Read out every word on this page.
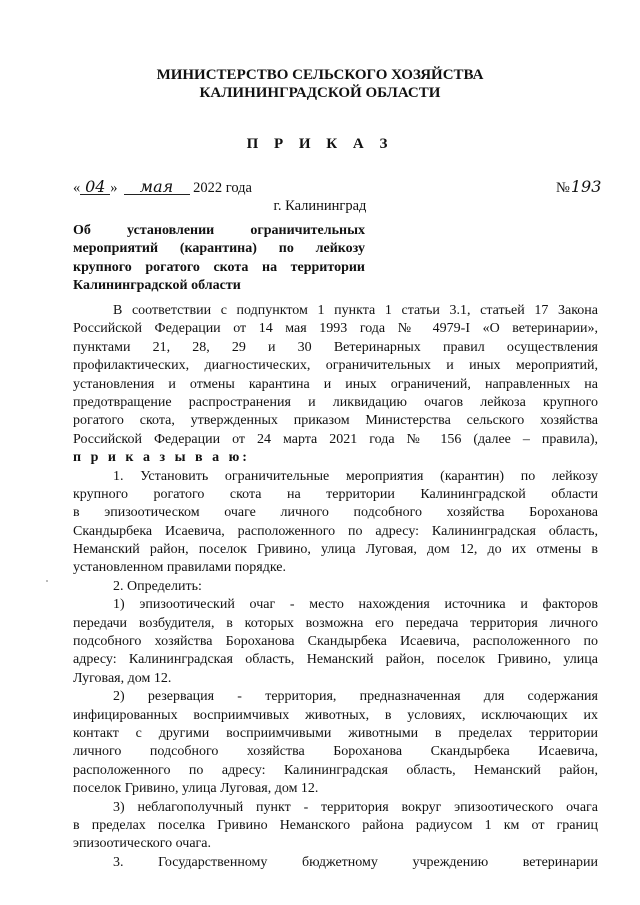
МИНИСТЕРСТВО СЕЛЬСКОГО ХОЗЯЙСТВА
КАЛИНИНГРАДСКОЙ ОБЛАСТИ
П Р И К А З
« 04 » мая 2022 года	№193
г. Калининград
Об установлении ограничительных
мероприятий (карантина) по лейкозу
крупного рогатого скота на территории
Калининградской области
В соответствии с подпунктом 1 пункта 1 статьи 3.1, статьей 17 Закона
Российской Федерации от 14 мая 1993 года № 4979-I «О ветеринарии»,
пунктами 21, 28, 29 и 30 Ветеринарных правил осуществления
профилактических, диагностических, ограничительных и иных мероприятий,
установления и отмены карантина и иных ограничений, направленных на
предотвращение распространения и ликвидацию очагов лейкоза крупного
рогатого скота, утвержденных приказом Министерства сельского хозяйства
Российской Федерации от 24 марта 2021 года № 156 (далее – правила),
п р и к а з ы в а ю:
1. Установить ограничительные мероприятия (карантин) по лейкозу
крупного рогатого скота на территории Калининградской области
в эпизоотическом очаге личного подсобного хозяйства Бороханова
Скандырбека Исаевича, расположенного по адресу: Калининградская область,
Неманский район, поселок Гривино, улица Луговая, дом 12, до их отмены в
установленном правилами порядке.
2. Определить:
1) эпизоотический очаг - место нахождения источника и факторов
передачи возбудителя, в которых возможна его передача территория личного
подсобного хозяйства Бороханова Скандырбека Исаевича, расположенного по
адресу: Калининградская область, Неманский район, поселок Гривино, улица
Луговая, дом 12.
2) резервация - территория, предназначенная для содержания
инфицированных восприимчивых животных, в условиях, исключающих их
контакт с другими восприимчивыми животными в пределах территории
личного подсобного хозяйства Бороханова Скандырбека Исаевича,
расположенного по адресу: Калининградская область, Неманский район,
поселок Гривино, улица Луговая, дом 12.
3) неблагополучный пункт - территория вокруг эпизоотического очага
в пределах поселка Гривино Неманского района радиусом 1 км от границ
эпизоотического очага.
3. Государственному бюджетному учреждению ветеринарии
